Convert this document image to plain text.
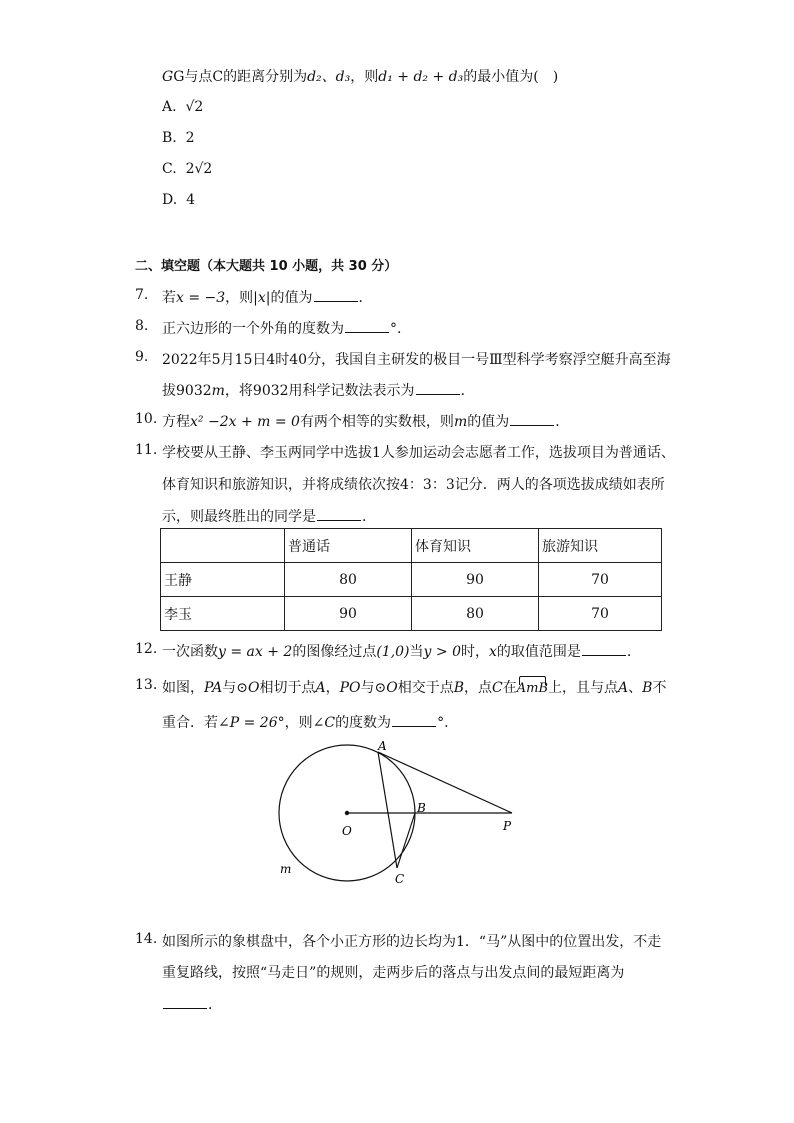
GG与点C的距离分别为d₂、d₃，则d₁ + d₂ + d₃的最小值为(　)
A. √2
B. 2
C. 2√2
D. 4
二、填空题（本大题共 10 小题，共 30 分）
7. 若x = −3，则|x|的值为	．
8. 正六边形的一个外角的度数为	°.
9. 2022年5月15日4时40分，我国自主研发的极目一号Ⅲ型科学考察浮空艇升高至海
拔9032m，将9032用科学记数法表示为	．
10. 方程x² −2x + m = 0有两个相等的实数根，则m的值为	．
11. 学校要从王静、李玉两同学中选拔1人参加运动会志愿者工作，选拔项目为普通话、
体育知识和旅游知识，并将成绩依次按4：3：3记分．两人的各项选拔成绩如表所
示，则最终胜出的同学是	．
	普通话	体育知识	旅游知识
王静	80	90	70
李玉	90	80	70
12. 一次函数y = ax + 2的图像经过点(1,0)当y > 0时，x的取值范围是	．
13. 如图，PA与⊙O相切于点A，PO与⊙O相交于点B，点C在AmB上，且与点A、B不
重合．若∠P = 26°，则∠C的度数为	°.
A
B
O	P
C
m
14. 如图所示的象棋盘中，各个小正方形的边长均为1．“马”从图中的位置出发，不走
重复路线，按照“马走日”的规则，走两步后的落点与出发点间的最短距离为
．
